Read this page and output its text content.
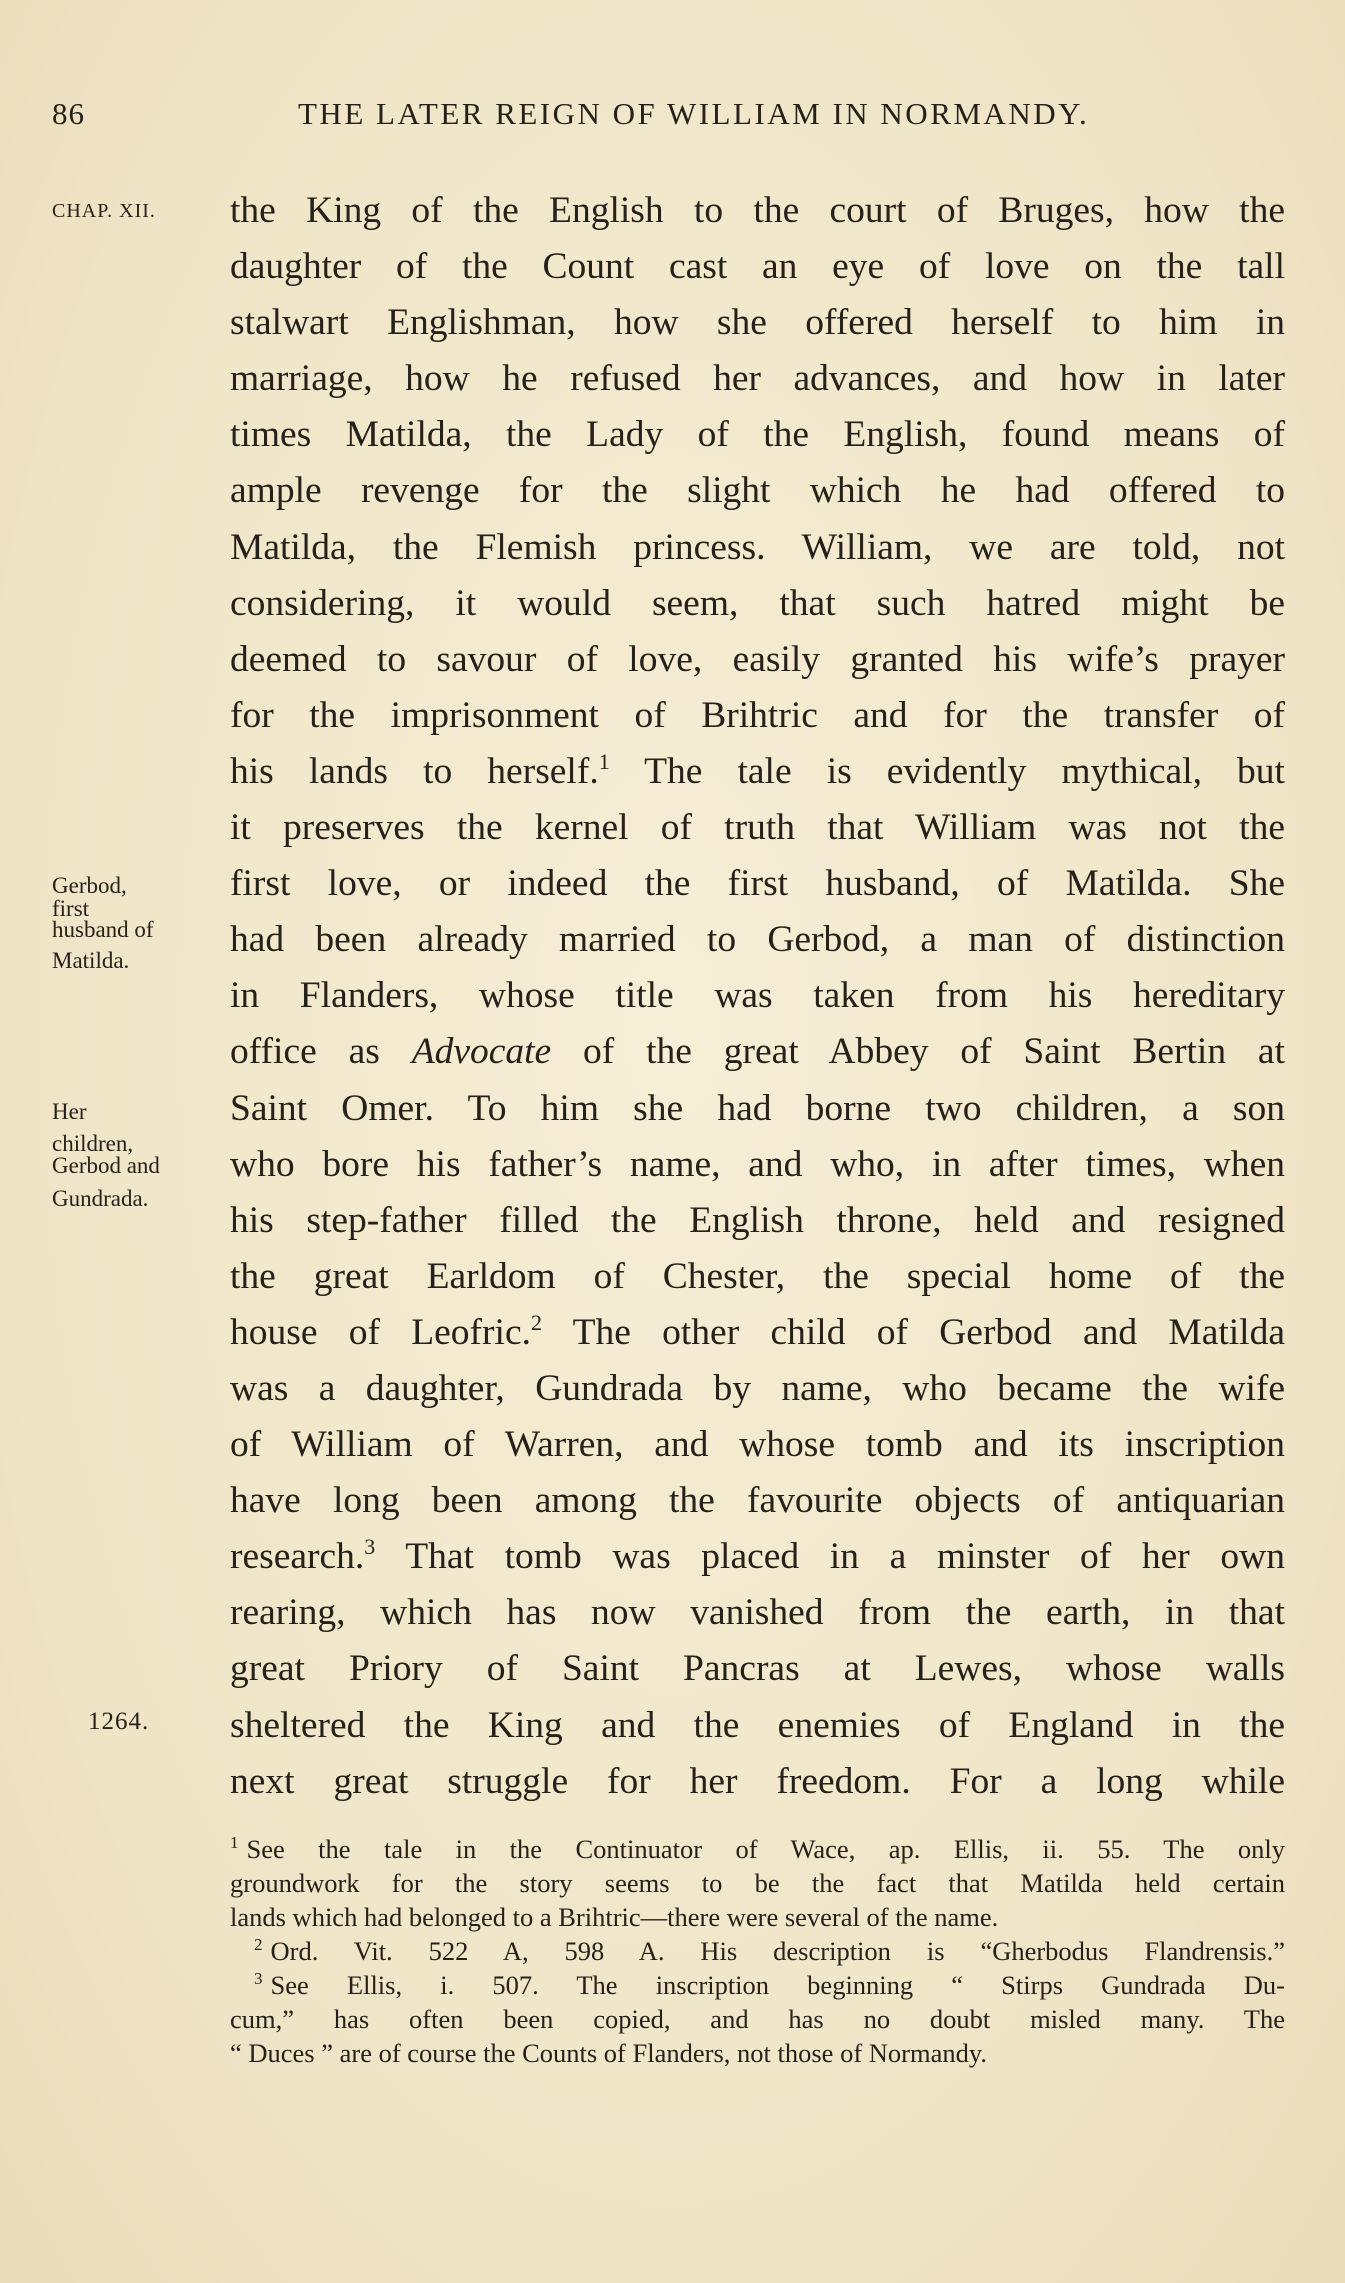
86	THE LATER REIGN OF WILLIAM IN NORMANDY.
CHAP. XII.
Gerbod,
first
husband of
Matilda.
Her
children,
Gerbod and
Gundrada.
1264.
the King of the English to the court of Bruges, how the
daughter of the Count cast an eye of love on the tall
stalwart Englishman, how she offered herself to him in
marriage, how he refused her advances, and how in later
times Matilda, the Lady of the English, found means of
ample revenge for the slight which he had offered to
Matilda, the Flemish princess. William, we are told, not
considering, it would seem, that such hatred might be
deemed to savour of love, easily granted his wife’s prayer
for the imprisonment of Brihtric and for the transfer of
his lands to herself.$^1$ The tale is evidently mythical, but
it preserves the kernel of truth that William was not the
first love, or indeed the first husband, of Matilda. She
had been already married to Gerbod, a man of distinction
in Flanders, whose title was taken from his hereditary
office as Advocate of the great Abbey of Saint Bertin at
Saint Omer. To him she had borne two children, a son
who bore his father’s name, and who, in after times, when
his step-father filled the English throne, held and resigned
the great Earldom of Chester, the special home of the
house of Leofric.$^2$ The other child of Gerbod and Matilda
was a daughter, Gundrada by name, who became the wife
of William of Warren, and whose tomb and its inscription
have long been among the favourite objects of antiquarian
research.$^3$ That tomb was placed in a minster of her own
rearing, which has now vanished from the earth, in that
great Priory of Saint Pancras at Lewes, whose walls
sheltered the King and the enemies of England in the
next great struggle for her freedom. For a long while
$^1$ See the tale in the Continuator of Wace, ap. Ellis, ii. 55. The only
groundwork for the story seems to be the fact that Matilda held certain
lands which had belonged to a Brihtric—there were several of the name.
$^2$ Ord. Vit. 522 A, 598 A. His description is “Gherbodus Flandrensis.”
$^3$ See Ellis, i. 507. The inscription beginning “ Stirps Gundrada Du-
cum,” has often been copied, and has no doubt misled many. The
“ Duces ” are of course the Counts of Flanders, not those of Normandy.
